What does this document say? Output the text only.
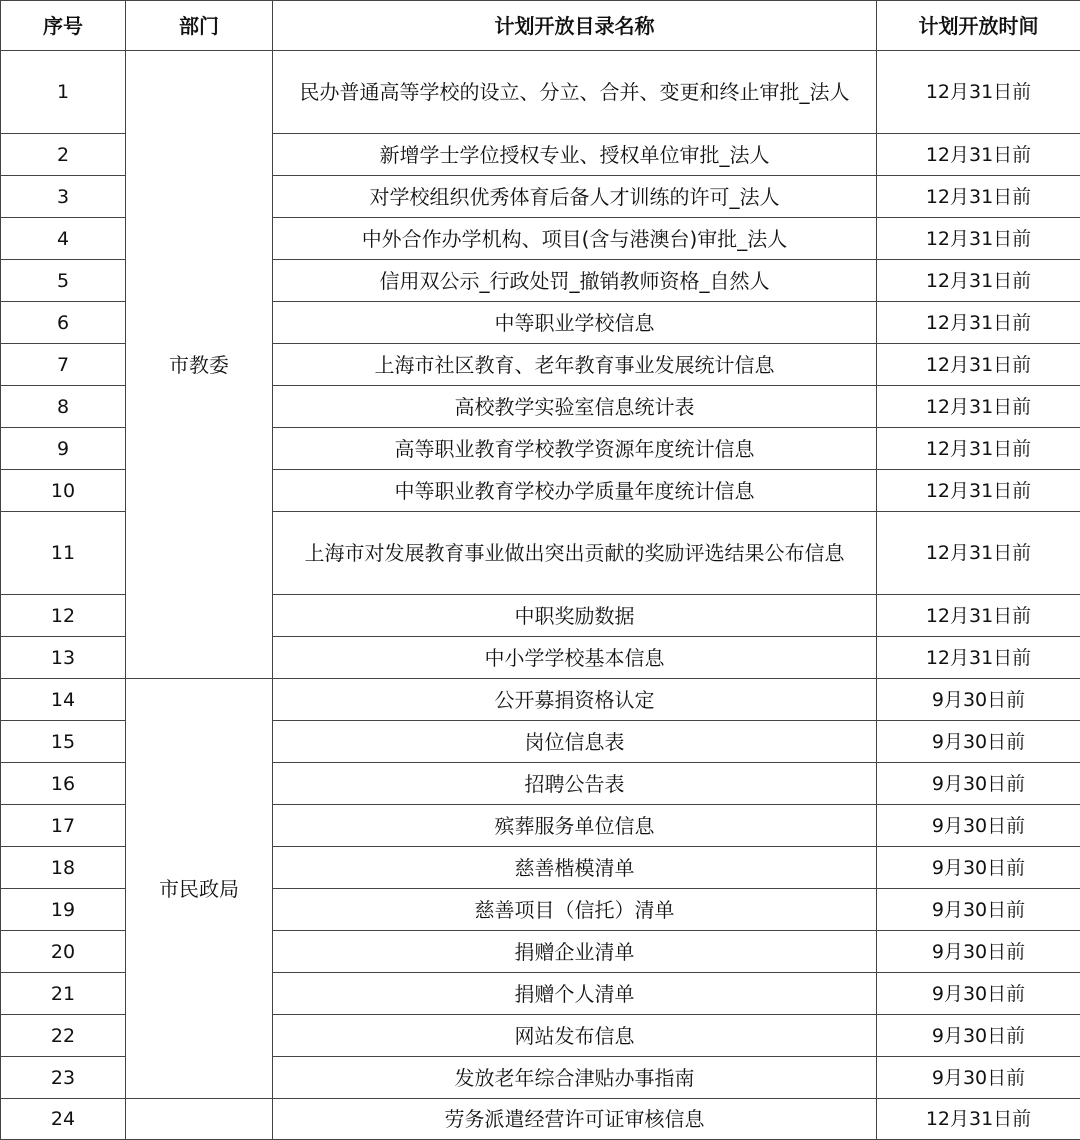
序号	部门	计划开放目录名称	计划开放时间
1	市教委	民办普通高等学校的设立、分立、合并、变更和终止审批_法人	12月31日前
2		新增学士学位授权专业、授权单位审批_法人	12月31日前
3		对学校组织优秀体育后备人才训练的许可_法人	12月31日前
4		中外合作办学机构、项目(含与港澳台)审批_法人	12月31日前
5		信用双公示_行政处罚_撤销教师资格_自然人	12月31日前
6		中等职业学校信息	12月31日前
7		上海市社区教育、老年教育事业发展统计信息	12月31日前
8		高校教学实验室信息统计表	12月31日前
9		高等职业教育学校教学资源年度统计信息	12月31日前
10		中等职业教育学校办学质量年度统计信息	12月31日前
11		上海市对发展教育事业做出突出贡献的奖励评选结果公布信息	12月31日前
12		中职奖励数据	12月31日前
13		中小学学校基本信息	12月31日前
14	市民政局	公开募捐资格认定	9月30日前
15		岗位信息表	9月30日前
16		招聘公告表	9月30日前
17		殡葬服务单位信息	9月30日前
18		慈善楷模清单	9月30日前
19		慈善项目（信托）清单	9月30日前
20		捐赠企业清单	9月30日前
21		捐赠个人清单	9月30日前
22		网站发布信息	9月30日前
23		发放老年综合津贴办事指南	9月30日前
24		劳务派遣经营许可证审核信息	12月31日前
